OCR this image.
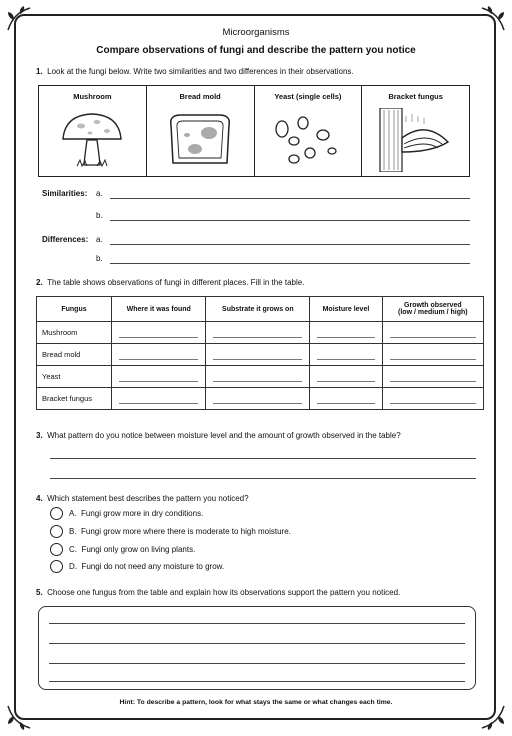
Microorganisms
Compare observations of fungi and describe the pattern you notice
1. Look at the fungi below. Write two similarities and two differences in their observations.
Mushroom	Bread mold	Yeast (single cells)	Bracket fungus
Similarities: a.
b.
Differences: a.
b.
2. The table shows observations of fungi in different places. Fill in the table.
Fungus	Where it was found	Substrate it grows on	Moisture level	Growth observed
(low / medium / high)
Mushroom	

Bread mold	

Yeast	

Bracket fungus	

3. What pattern do you notice between moisture level and the amount of growth observed in the table?
4. Which statement best describes the pattern you noticed?
A.
Fungi grow more in dry conditions.
B.
Fungi grow more where there is moderate to high moisture.
C.
Fungi only grow on living plants.
D.
Fungi do not need any moisture to grow.
5. Choose one fungus from the table and explain how its observations support the pattern you noticed.
Hint: To describe a pattern, look for what stays the same or what changes each time.
